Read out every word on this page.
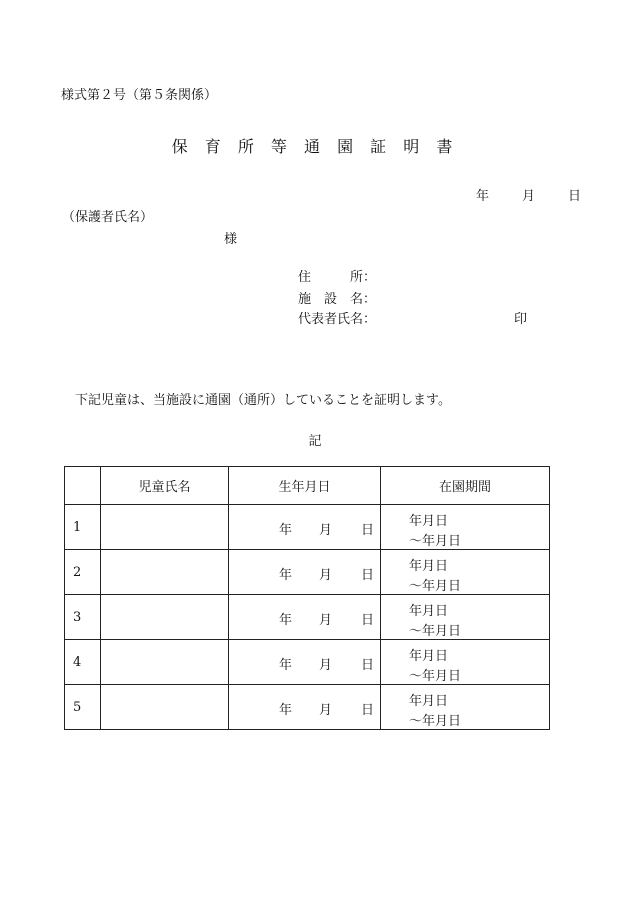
様式第２号（第５条関係）
保 育 所 等 通 園 証 明 書
年	月	日
（保護者氏名）
様
住　　　所：
施　設　名：
代表者氏名：	印
下記児童は、当施設に通園（通所）していることを証明します。
記
	児童氏名	生年月日	在園期間
1		年 月 日	年月日
～年月日

2		年 月 日	年月日
～年月日

3		年 月 日	年月日
～年月日

4		年 月 日	年月日
～年月日

5		年 月 日	年月日
～年月日
